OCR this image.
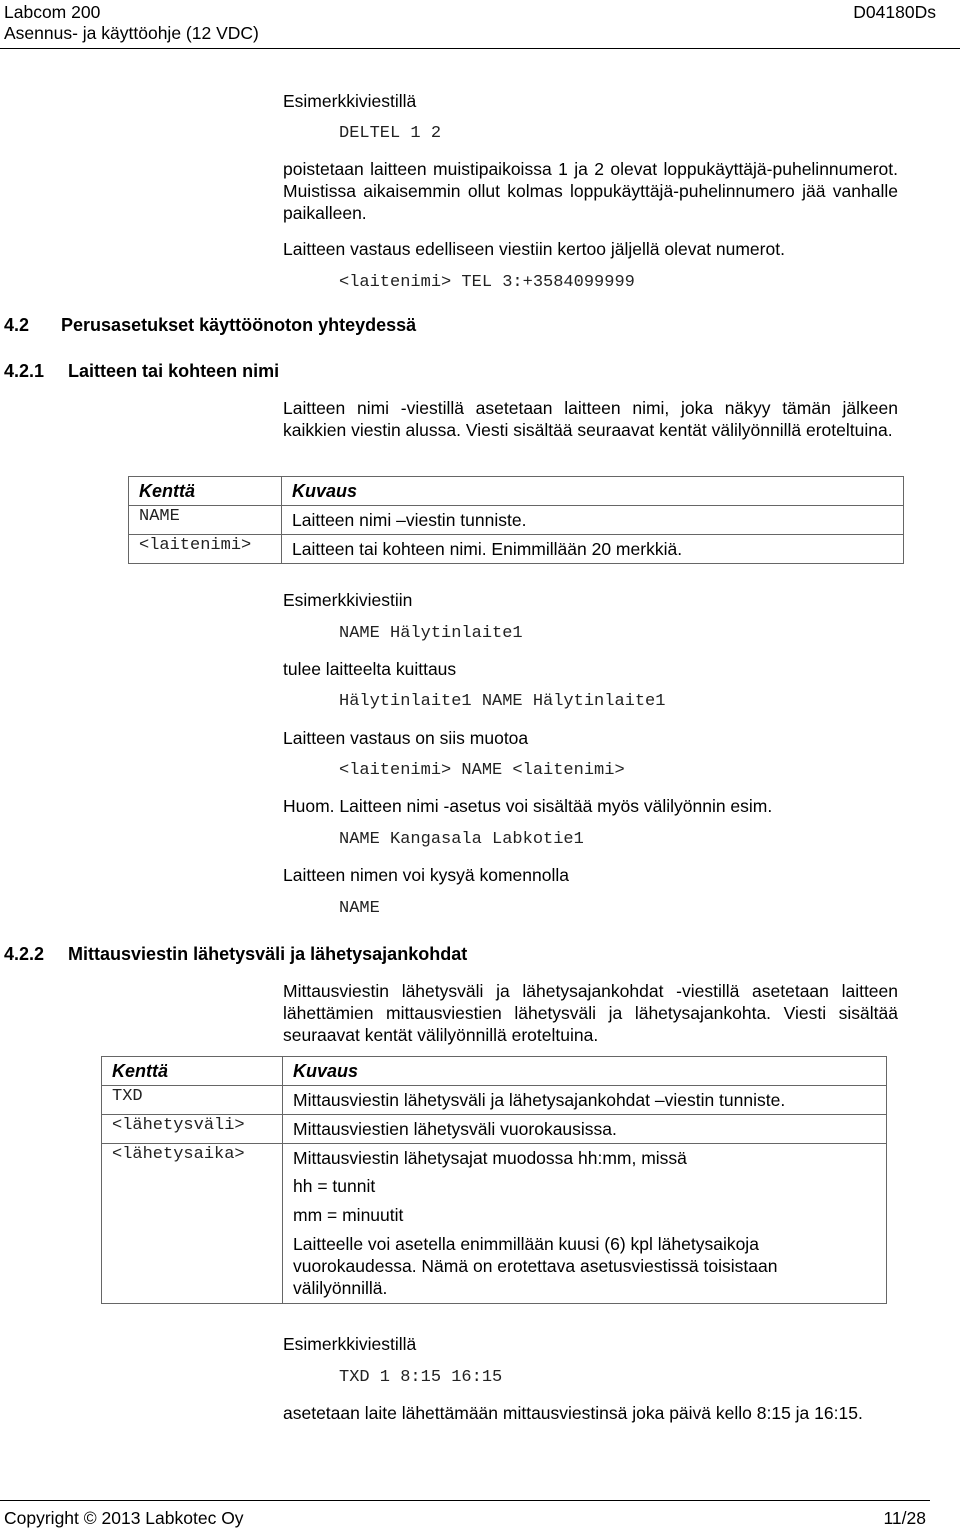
Labcom 200
Asennus- ja käyttöohje (12 VDC)
D04180Ds
Esimerkkiviestillä
DELTEL 1 2
poistetaan laitteen muistipaikoissa 1 ja 2 olevat loppukäyttäjä-puhelinnumerot. Muistissa aikaisemmin ollut kolmas loppukäyttäjä-puhelinnumero jää vanhalle paikalleen.
Laitteen vastaus edelliseen viestiin kertoo jäljellä olevat numerot.
<laitenimi> TEL 3:+3584099999
4.2 Perusasetukset käyttöönoton yhteydessä
4.2.1 Laitteen tai kohteen nimi
Laitteen nimi -viestillä asetetaan laitteen nimi, joka näkyy tämän jälkeen kaikkien viestin alussa. Viesti sisältää seuraavat kentät välilyönnillä eroteltuina.
Kenttä	Kuvaus
NAME	Laitteen nimi –viestin tunniste.
<laitenimi>	Laitteen tai kohteen nimi. Enimmillään 20 merkkiä.
Esimerkkiviestiin
NAME Hälytinlaite1
tulee laitteelta kuittaus
Hälytinlaite1 NAME Hälytinlaite1
Laitteen vastaus on siis muotoa
<laitenimi> NAME <laitenimi>
Huom. Laitteen nimi -asetus voi sisältää myös välilyönnin esim.
NAME Kangasala Labkotie1
Laitteen nimen voi kysyä komennolla
NAME
4.2.2 Mittausviestin lähetysväli ja lähetysajankohdat
Mittausviestin lähetysväli ja lähetysajankohdat -viestillä asetetaan laitteen lähettämien mittausviestien lähetysväli ja lähetysajankohta. Viesti sisältää seuraavat kentät välilyönnillä eroteltuina.
Kenttä	Kuvaus
TXD	Mittausviestin lähetysväli ja lähetysajankohdat –viestin tunniste.
<lähetysväli>	Mittausviestien lähetysväli vuorokausissa.
<lähetysaika>	Mittausviestin lähetysajat muodossa hh:mm, missä

hh = tunnit

mm = minuutit

Laitteelle voi asetella enimmillään kuusi (6) kpl lähetysaikoja vuorokaudessa. Nämä on erotettava asetusviestissä toisistaan välilyönnillä.

Esimerkkiviestillä
TXD 1 8:15 16:15
asetetaan laite lähettämään mittausviestinsä joka päivä kello 8:15 ja 16:15.
Copyright © 2013 Labkotec Oy	11/28
